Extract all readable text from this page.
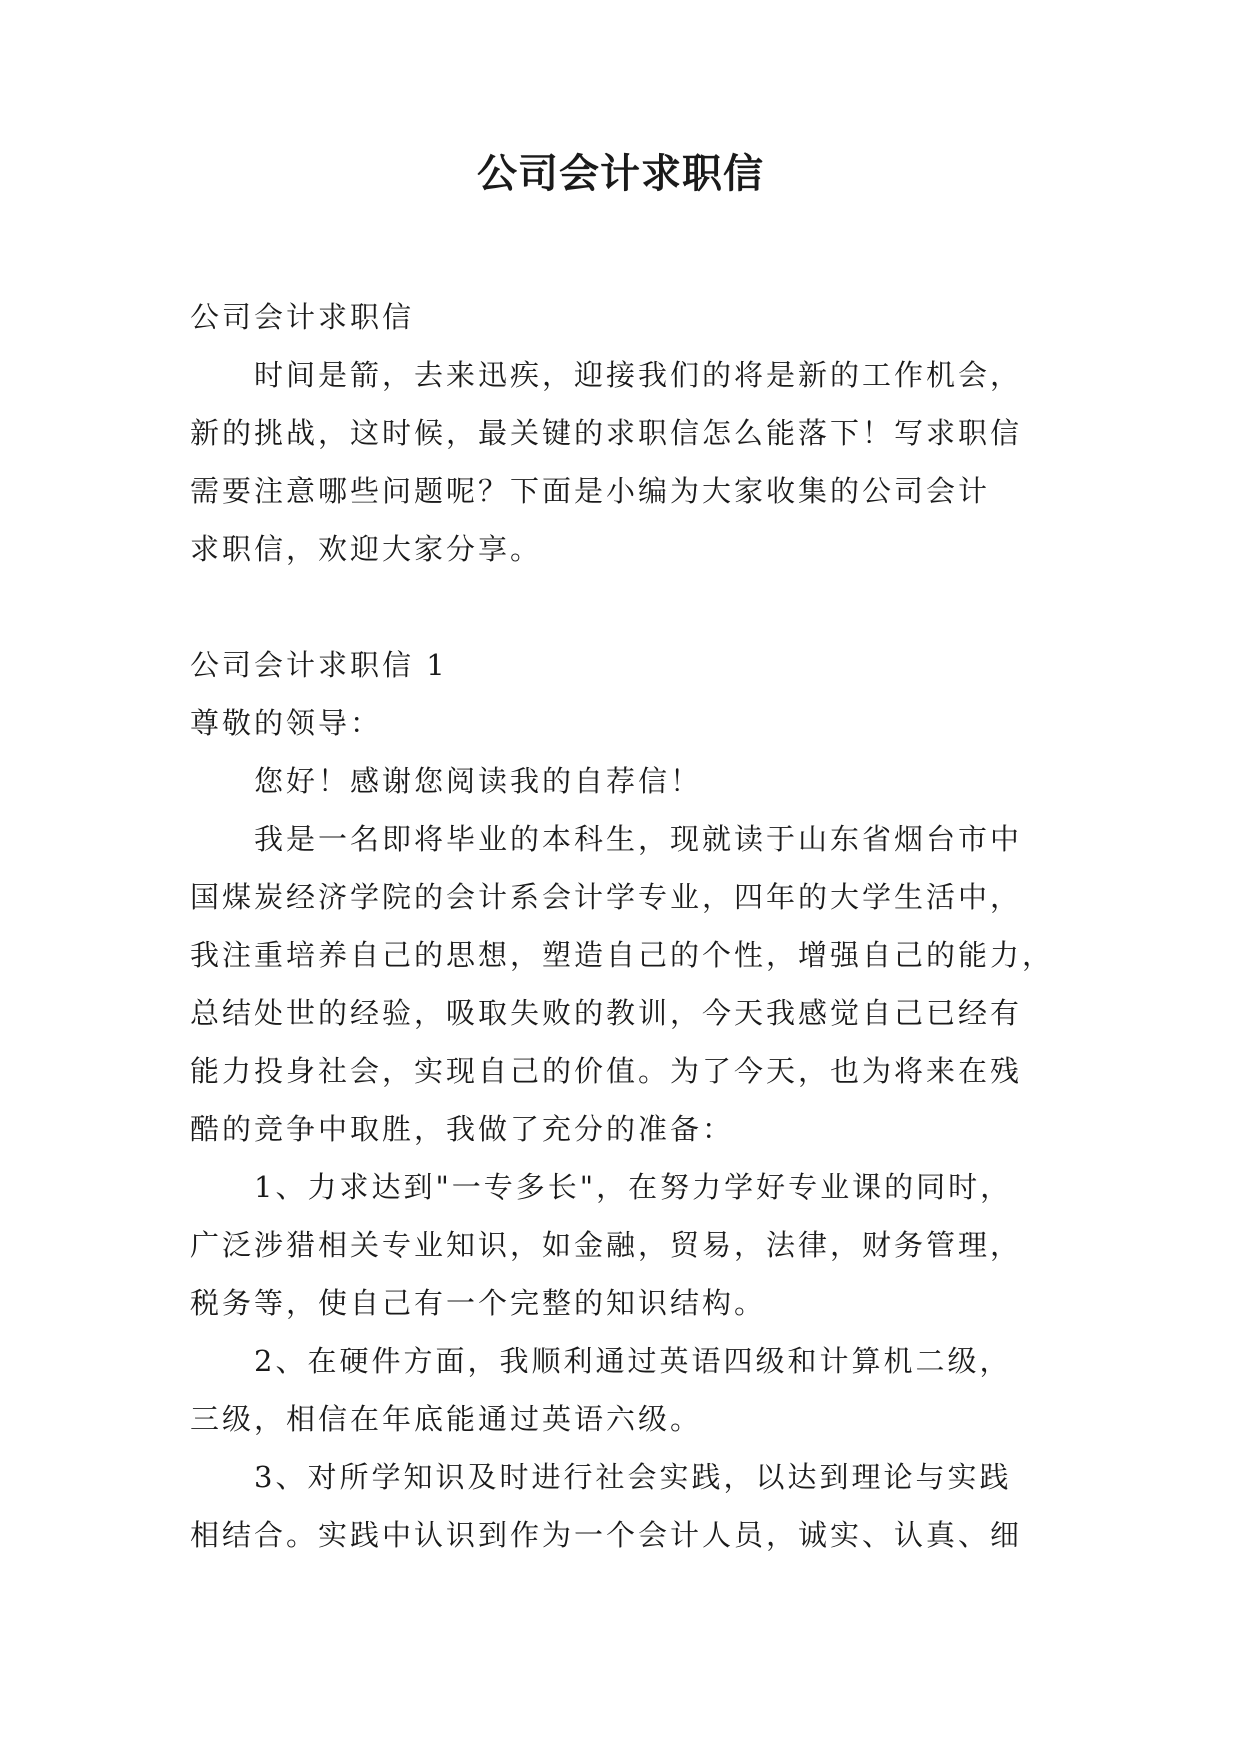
公司会计求职信
公司会计求职信
时间是箭，去来迅疾，迎接我们的将是新的工作机会，
新的挑战，这时候，最关键的求职信怎么能落下！写求职信
需要注意哪些问题呢？下面是小编为大家收集的公司会计
求职信，欢迎大家分享。
公司会计求职信 1
尊敬的领导：
您好！感谢您阅读我的自荐信！
我是一名即将毕业的本科生，现就读于山东省烟台市中
国煤炭经济学院的会计系会计学专业，四年的大学生活中，
我注重培养自己的思想，塑造自己的个性，增强自己的能力，
总结处世的经验，吸取失败的教训，今天我感觉自己已经有
能力投身社会，实现自己的价值。为了今天，也为将来在残
酷的竞争中取胜，我做了充分的准备：
1、力求达到"一专多长"，在努力学好专业课的同时，
广泛涉猎相关专业知识，如金融，贸易，法律，财务管理，
税务等，使自己有一个完整的知识结构。
2、在硬件方面，我顺利通过英语四级和计算机二级，
三级，相信在年底能通过英语六级。
3、对所学知识及时进行社会实践，以达到理论与实践
相结合。实践中认识到作为一个会计人员，诚实、认真、细
